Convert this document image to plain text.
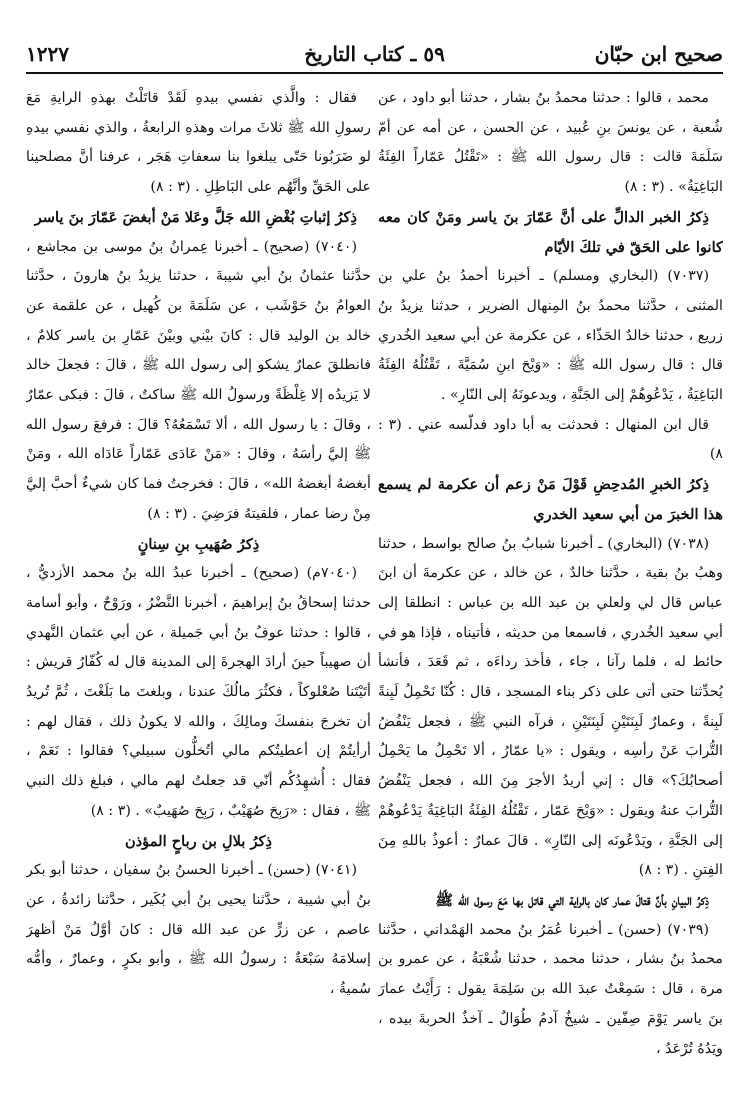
صحيح ابن حبّان
٥٩ ـ كتاب التاريخ
١٢٢٧

محمد ، قالوا : حدثنا محمدُ بنُ بشار ، حدثنا أبو داود ، عن شُعبة ، عن يونسَ بنِ عُبيد ، عن الحسن ، عن أمه عن أمّ سَلَمَةَ قالت : قال رسول الله ﷺ : «تَقْتُلُ عَمّاراً الفِئَةُ البَاغِيَةُ» . (٣ : ٨)

ذِكرُ الخبر الدالِّ على أنَّ عَمّارَ بنَ ياسر ومَنْ كان معه كانوا على الحَقّ في تلكَ الأيّام

(٧٠٣٧) (البخاري ومسلم) ـ أخبرنا أحمدُ بنُ علي بن المثنى ، حدَّثنا محمدُ بنُ المِنهال الضرير ، حدثنا يزيدُ بنُ زريع ، حدثنا خالدٌ الحَذّاء ، عن عكرمة عن أبي سعيد الخُدري قال : قال رسول الله ﷺ : «وَيْحَ ابنِ سُمَيَّةَ ، تَقْتُلُهُ الفِئَةُ البَاغِيَةُ ، يَدْعُوهُمْ إلى الجَنَّةِ ، ويدعونَهُ إلى النّارِ» .

قال ابن المنهال : فحدثت به أبا داود فدلّسه عني . (٣ : ٨)

ذِكرُ الخبرِ المُدحِضِ قَوْلَ مَنْ زعم أن عكرمة لم يسمع هذا الخبرَ من أبي سعيد الخدري

(٧٠٣٨) (البخاري) ـ أخبرنا شبابُ بنُ صالح بواسط ، حدثنا وهبُ بنُ بقية ، حدَّثنا خالدٌ ، عن خالد ، عن عكرمةَ أن ابنَ عباس قال لي ولعلي بن عبد الله بن عباس : انطلقا إلى أبي سعيد الخُدري ، فاسمعا من حديثه ، فأتيناه ، فإذا هو في حائط له ، فلما رآنا ، جاء ، فأخذ رداءَه ، ثم قَعَدَ ، فأنشأ يُحدِّثنا حتى أتى على ذكر بناء المسجد ، قال : كُنّا نَحْمِلُ لَبِنةً لَبِنةً ، وعمارٌ لَبِنَتَيْنِ لَبِنَتَيْنِ ، فرآه النبي ﷺ ، فجعل يَنْفُضُ التُّرابَ عَنْ رأسِه ، ويقول : «يا عمّارُ ، ألا تَحْمِلُ ما يَحْمِلُ أصحابُكَ؟» قال : إني أريدُ الأجرَ مِنَ الله ، فجعل يَنْفُضُ التُّرابَ عنهُ ويقول : «وَيْحَ عَمّار ، تَقْتُلُهُ الفِئَةُ البَاغِيَةُ يَدْعُوهُمْ إلى الجَنَّةِ ، ويَدْعُونَه إلى النّارِ» . قالَ عمارٌ : أعوذُ باللهِ مِنَ الفِتنِ . (٣ : ٨)

ذِكرُ البيانِ بأنَّ قتالَ عمار كان بالراية التي قاتل بها مَعَ رسول الله ﷺ

(٧٠٣٩) (حسن) ـ أخبرنا عُمَرُ بنُ محمد الهَمْداني ، حدَّثنا محمدُ بنُ بشار ، حدثنا محمد ، حدثنا شُعْبَةُ ، عن عمرو بن مرة ، قال : سَمِعْتُ عبدَ الله بن سَلِمَةَ يقول : رَأَيْتُ عمارَ بنَ ياسر يَوْمَ صِفّين ـ شيخٌ آدمُ طُوَالٌ ـ آخذٌ الحربةَ بيده ، ويَدُهُ تُرْعَدُ ،

فقال : والَّذي نفسي بيدهِ لَقَدْ قاتَلْتُ بهذهِ الرايةِ مَعَ رسولِ الله ﷺ ثلاثَ مرات وهذهِ الرابعةُ ، والذي نفسي بيدهِ لو ضَرَبُونا حَتّى يبلغوا بنا سعفاتِ هَجَر ، عرفنا أنَّ مصلحينا على الحَقِّ وأنَّهُم على البَاطِلِ . (٣ : ٨)

ذِكرُ إثباتِ بُغْضِ الله جَلَّ وعَلا مَنْ أبغضَ عَمّارَ بنَ ياسر

(٧٠٤٠) (صحيح) ـ أخبرنا عِمرانُ بنُ موسى بن مجاشع ، حدَّثنا عثمانُ بنُ أبي شيبةَ ، حدثنا يزيدُ بنُ هارونَ ، حدَّثنا العوامُ بنُ حَوْشَب ، عن سَلَمَةَ بن كُهيل ، عن علقمة عن خالد بن الوليد قال : كانَ بيْني وبيْنَ عَمّارِ بن ياسر كلامٌ ، فانطلقَ عمارٌ يشكو إلى رسول الله ﷺ ، قالَ : فجعلَ خالد لا يَزيدُه إلا غِلْظَةً ورسولُ الله ﷺ ساكتٌ ، قالَ : فبكى عمّارٌ ، وقالَ : يا رسول الله ، ألا تَسْمَعُهُ؟ قالَ : فرفعَ رسول الله ﷺ إليَّ رأسَهُ ، وقالَ : «مَنْ عَادَى عَمّاراً عَادَاه الله ، ومَنْ أبغضهُ أبغضهُ الله» ، قالَ : فخرجتُ فما كان شيءٌ أحبَّ إليَّ مِنْ رضا عمار ، فلقيتهُ فرَضِيَ . (٣ : ٨)

ذِكرُ صُهَيبِ بنِ سِنانٍ

(٧٠٤٠م) (صحيح) ـ أخبرنا عبدُ الله بنُ محمد الأزديُّ ، حدثنا إسحاقُ بنُ إبراهيمَ ، أخبرنا النَّضْرُ ، ورَوْحٌ ، وأبو أسامة ، قالوا : حدثنا عوفُ بنُ أبي جَميلة ، عن أبي عثمان النَّهدي أن صهيباً حينَ أرادَ الهجرةَ إلى المدينة قال له كُفّارُ قريش : أتَيْتَنا صُعْلوكاً ، فكثُرَ مالُكَ عندنا ، وبلغتَ ما بَلَغْتَ ، ثُمَّ تُريدُ أن تخرجَ بنفسكَ ومالِكَ ، والله لا يكونُ ذلك ، فقال لهم : أرأيتُمْ إن أعطيتُكم مالي أتُخلُّون سبيلي؟ فقالوا : نَعَمْ ، فقال : أُشهِدُكُم أنّي قد جعلتُ لهم مالي ، فبلغ ذلك النبي ﷺ ، فقال : «رَبِحَ صُهَيْبٌ ، رَبِحَ صُهَيبٌ» . (٣ : ٨)

ذِكرُ بلالِ بن رباحٍ المؤذن

(٧٠٤١) (حسن) ـ أخبرنا الحسنُ بنُ سفيان ، حدثنا أبو بكر بنُ أبي شيبة ، حدَّثنا يحيى بنُ أبي بُكَير ، حدَّثنا زائدةُ ، عن عاصم ، عن زرٍّ عن عبد الله قال : كانَ أوَّلُ مَنْ أظهرَ إسلامَهُ سَبْعَةٌ : رسولُ الله ﷺ ، وأبو بكرٍ ، وعمارٌ ، وأمُّه سُميةُ ،
